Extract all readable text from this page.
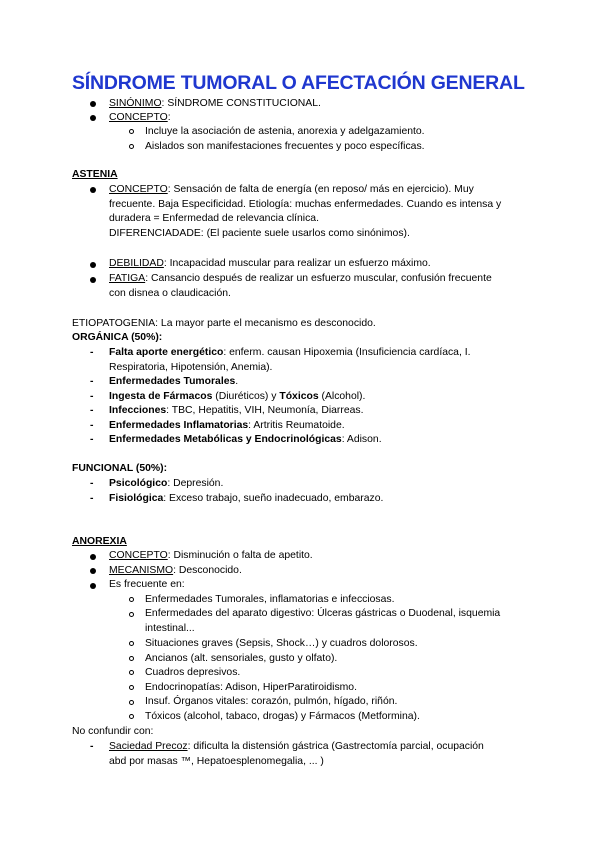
SÍNDROME TUMORAL O AFECTACIÓN GENERAL
SINÓNIMO: SÍNDROME CONSTITUCIONAL.
CONCEPTO:
Incluye la asociación de astenia, anorexia y adelgazamiento.
Aislados son manifestaciones frecuentes y poco específicas.
ASTENIA
CONCEPTO: Sensación de falta de energía (en reposo/ más en ejercicio). Muy
frecuente. Baja Especificidad. Etiología: muchas enfermedades. Cuando es intensa y
duradera = Enfermedad de relevancia clínica.
DIFERENCIADADE: (El paciente suele usarlos como sinónimos).
DEBILIDAD: Incapacidad muscular para realizar un esfuerzo máximo.
FATIGA: Cansancio después de realizar un esfuerzo muscular, confusión frecuente
con disnea o claudicación.
ETIOPATOGENIA: La mayor parte el mecanismo es desconocido.
ORGÁNICA (50%):
- Falta aporte energético: enferm. causan Hipoxemia (Insuficiencia cardíaca, I.
Respiratoria, Hipotensión, Anemia).
- Enfermedades Tumorales.
- Ingesta de Fármacos (Diuréticos) y Tóxicos (Alcohol).
- Infecciones: TBC, Hepatitis, VIH, Neumonía, Diarreas.
- Enfermedades Inflamatorias: Artritis Reumatoide.
- Enfermedades Metabólicas y Endocrinológicas: Adison.
FUNCIONAL (50%):
- Psicológico: Depresión.
- Fisiológica: Exceso trabajo, sueño inadecuado, embarazo.
ANOREXIA
CONCEPTO: Disminución o falta de apetito.
MECANISMO: Desconocido.
Es frecuente en:
Enfermedades Tumorales, inflamatorias e infecciosas.
Enfermedades del aparato digestivo: Úlceras gástricas o Duodenal, isquemia
intestinal...
Situaciones graves (Sepsis, Shock…) y cuadros dolorosos.
Ancianos (alt. sensoriales, gusto y olfato).
Cuadros depresivos.
Endocrinopatías: Adison, HiperParatiroidismo.
Insuf. Órganos vitales: corazón, pulmón, hígado, riñón.
Tóxicos (alcohol, tabaco, drogas) y Fármacos (Metformina).
No confundir con:
- Saciedad Precoz: dificulta la distensión gástrica (Gastrectomía parcial, ocupación
abd por masas ™, Hepatoesplenomegalia, ... )
